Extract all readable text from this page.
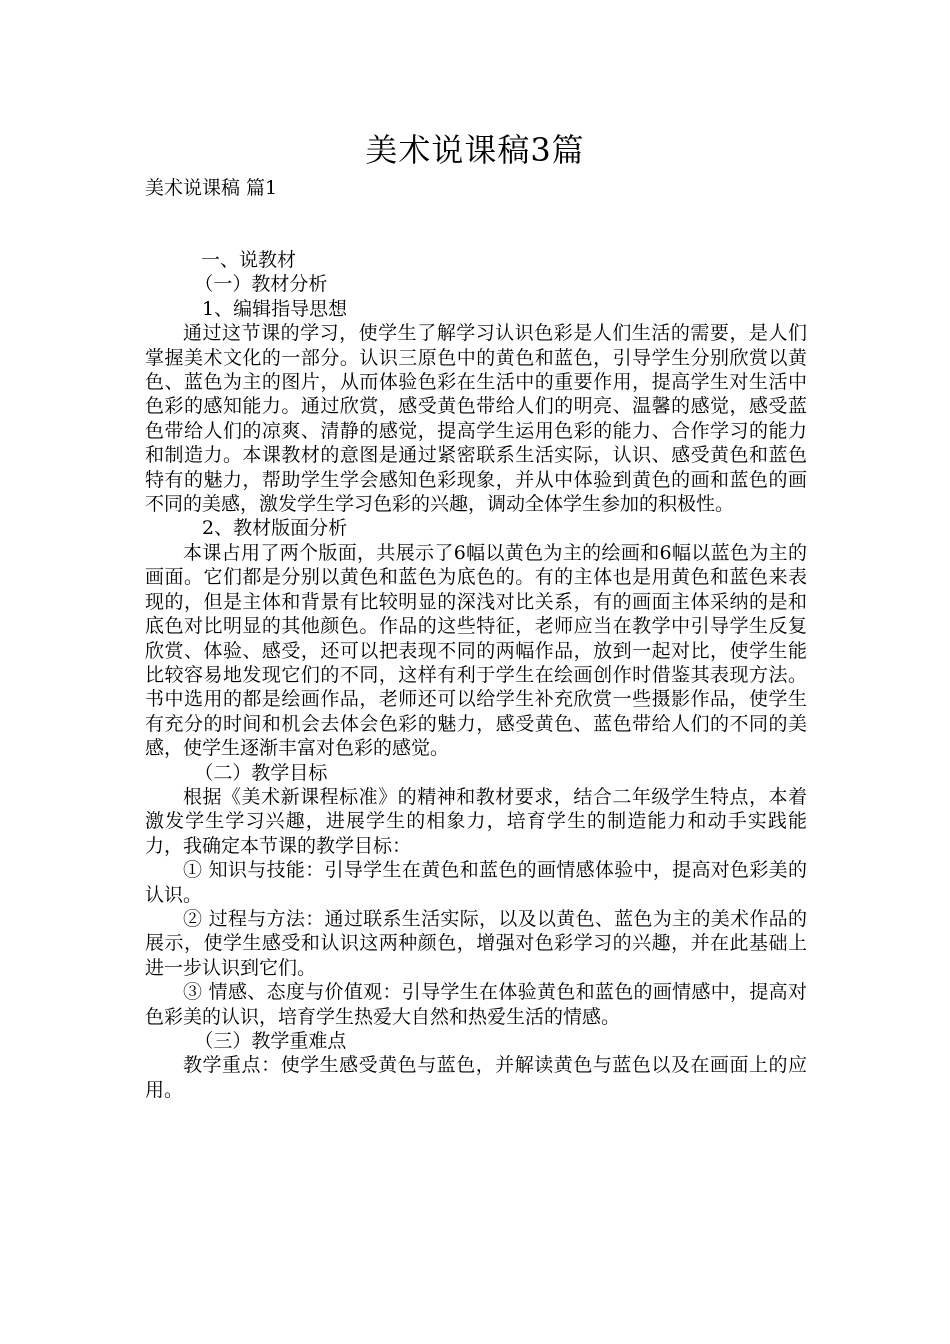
美术说课稿3篇
美术说课稿 篇1

一、说教材

（一）教材分析

1、编辑指导思想

通过这节课的学习，使学生了解学习认识色彩是人们生活的需要，是人们掌握美术文化的一部分。认识三原色中的黄色和蓝色，引导学生分别欣赏以黄色、蓝色为主的图片，从而体验色彩在生活中的重要作用，提高学生对生活中色彩的感知能力。通过欣赏，感受黄色带给人们的明亮、温馨的感觉，感受蓝色带给人们的凉爽、清静的感觉，提高学生运用色彩的能力、合作学习的能力和制造力。本课教材的意图是通过紧密联系生活实际，认识、感受黄色和蓝色特有的魅力，帮助学生学会感知色彩现象，并从中体验到黄色的画和蓝色的画不同的美感，激发学生学习色彩的兴趣，调动全体学生参加的积极性。

2、教材版面分析

本课占用了两个版面，共展示了6幅以黄色为主的绘画和6幅以蓝色为主的画面。它们都是分别以黄色和蓝色为底色的。有的主体也是用黄色和蓝色来表现的，但是主体和背景有比较明显的深浅对比关系，有的画面主体采纳的是和底色对比明显的其他颜色。作品的这些特征，老师应当在教学中引导学生反复欣赏、体验、感受，还可以把表现不同的两幅作品，放到一起对比，使学生能比较容易地发现它们的不同，这样有利于学生在绘画创作时借鉴其表现方法。书中选用的都是绘画作品，老师还可以给学生补充欣赏一些摄影作品，使学生有充分的时间和机会去体会色彩的魅力，感受黄色、蓝色带给人们的不同的美感，使学生逐渐丰富对色彩的感觉。

（二）教学目标

根据《美术新课程标准》的精神和教材要求，结合二年级学生特点，本着激发学生学习兴趣，进展学生的相象力，培育学生的制造能力和动手实践能力，我确定本节课的教学目标：

① 知识与技能：引导学生在黄色和蓝色的画情感体验中，提高对色彩美的认识。

② 过程与方法：通过联系生活实际，以及以黄色、蓝色为主的美术作品的展示，使学生感受和认识这两种颜色，增强对色彩学习的兴趣，并在此基础上进一步认识到它们。

③ 情感、态度与价值观：引导学生在体验黄色和蓝色的画情感中，提高对色彩美的认识，培育学生热爱大自然和热爱生活的情感。

（三）教学重难点

教学重点：使学生感受黄色与蓝色，并解读黄色与蓝色以及在画面上的应用。
